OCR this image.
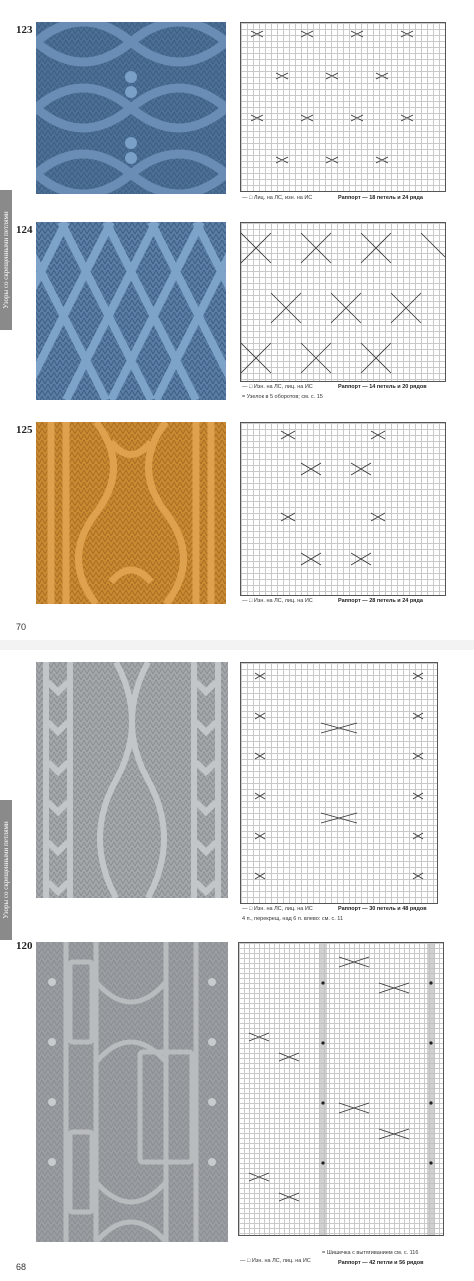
Узоры со скрещенными петлями
123
— □ Лиц. на ЛС, изн. на ИС	Раппорт — 18 петель и 24 ряда
124
— □ Изн. на ЛС, лиц. на ИС	Раппорт — 14 петель и 20 рядов
= Узелок в 5 оборотов; см. с. 15
125
— □ Изн. на ЛС, лиц. на ИС	Раппорт — 28 петель и 24 ряда
70
Узоры со скрещенными петлями	— □ Изн. на ЛС, лиц. на ИС	Раппорт — 30 петель и 48 рядов
4 п., перекрещ. над 6 п. влево: см. с. 11
120
— □ Изн. на ЛС, лиц. на ИС
= Шишечка с вытягиванием см. с. 116
Раппорт — 42 петли и 56 рядов
68
